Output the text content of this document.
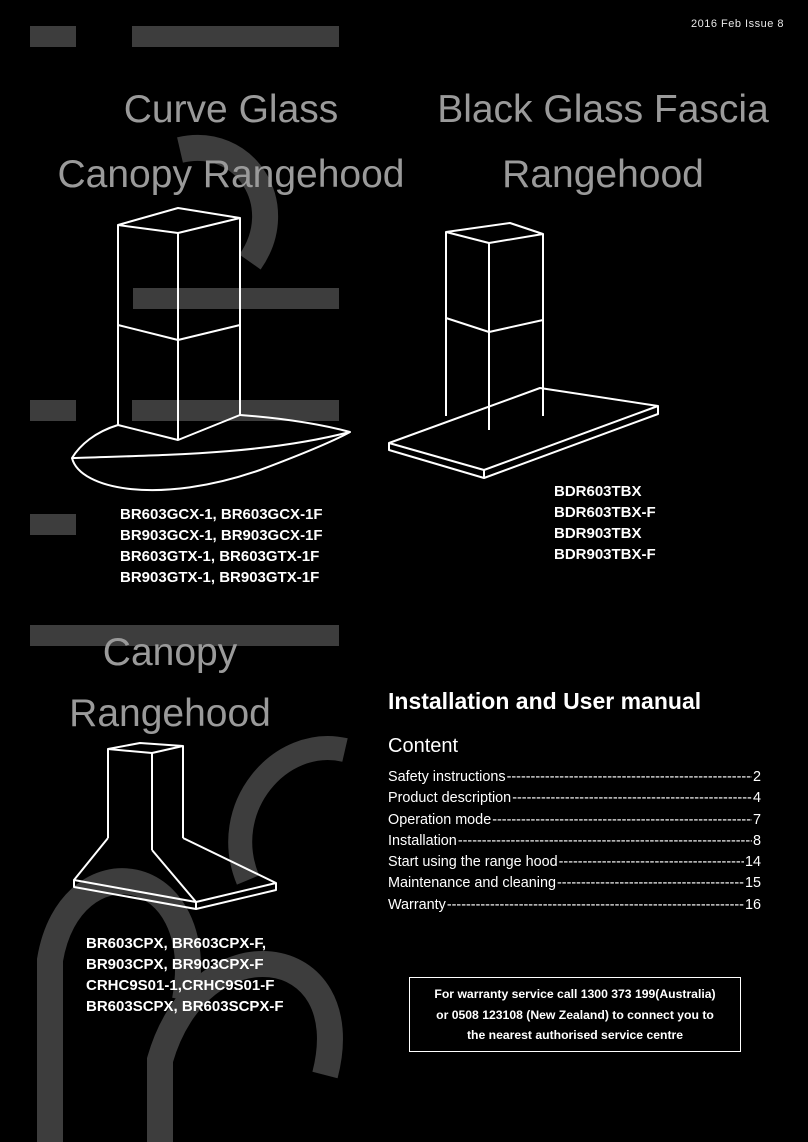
2016 Feb Issue 8
Curve Glass
Canopy Rangehood
Black Glass Fascia
Rangehood
Canopy
Rangehood
BR603GCX-1, BR603GCX-1F
BR903GCX-1, BR903GCX-1F
BR603GTX-1, BR603GTX-1F
BR903GTX-1, BR903GTX-1F
BDR603TBX
BDR603TBX-F
BDR903TBX
BDR903TBX-F
BR603CPX, BR603CPX-F,
BR903CPX, BR903CPX-F
CRHC9S01-1,CRHC9S01-F
BR603SCPX, BR603SCPX-F
Installation and User manual
Content
Safety instructions -----	2
Product description -----	4
Operation mode -----	7
Installation -----	8
Start using the range hood -----	14
Maintenance and cleaning -----	15
Warranty -----	16
For warranty service call 1300 373 199(Australia)
or 0508 123108 (New Zealand) to connect you to
the nearest authorised service centre
